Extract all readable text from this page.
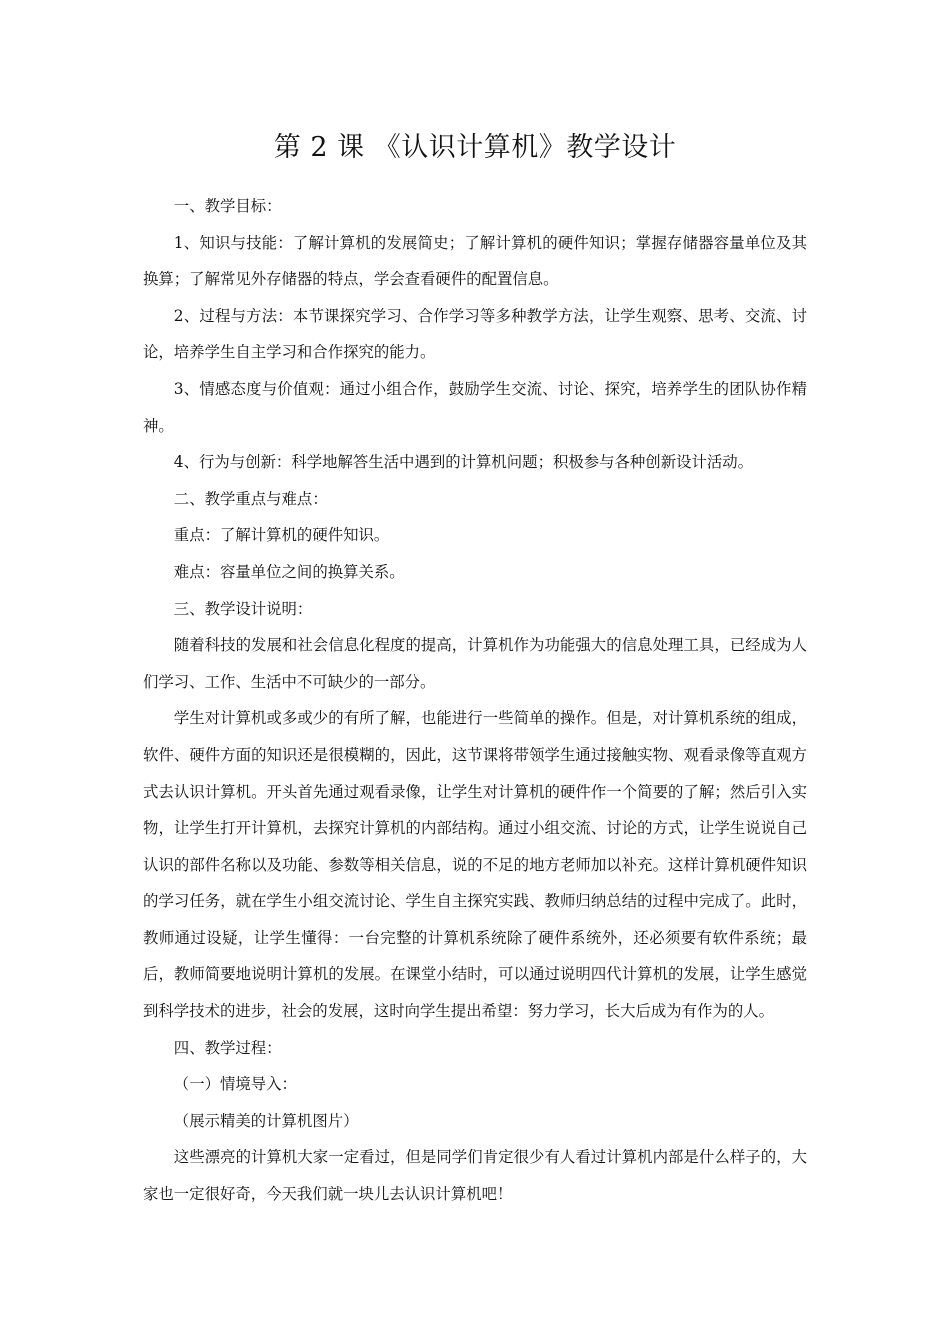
第 2 课 《认识计算机》教学设计

一、教学目标：

1、知识与技能：了解计算机的发展简史；了解计算机的硬件知识；掌握存储器容量单位及其换算；了解常见外存储器的特点，学会查看硬件的配置信息。

2、过程与方法：本节课探究学习、合作学习等多种教学方法，让学生观察、思考、交流、讨论，培养学生自主学习和合作探究的能力。

3、情感态度与价值观：通过小组合作，鼓励学生交流、讨论、探究，培养学生的团队协作精神。

4、行为与创新：科学地解答生活中遇到的计算机问题；积极参与各种创新设计活动。

二、教学重点与难点：

重点：了解计算机的硬件知识。

难点：容量单位之间的换算关系。

三、教学设计说明：

随着科技的发展和社会信息化程度的提高，计算机作为功能强大的信息处理工具，已经成为人们学习、工作、生活中不可缺少的一部分。

学生对计算机或多或少的有所了解，也能进行一些简单的操作。但是，对计算机系统的组成，软件、硬件方面的知识还是很模糊的，因此，这节课将带领学生通过接触实物、观看录像等直观方式去认识计算机。开头首先通过观看录像，让学生对计算机的硬件作一个简要的了解；然后引入实物，让学生打开计算机，去探究计算机的内部结构。通过小组交流、讨论的方式，让学生说说自己认识的部件名称以及功能、参数等相关信息，说的不足的地方老师加以补充。这样计算机硬件知识的学习任务，就在学生小组交流讨论、学生自主探究实践、教师归纳总结的过程中完成了。此时，教师通过设疑，让学生懂得：一台完整的计算机系统除了硬件系统外，还必须要有软件系统；最后，教师简要地说明计算机的发展。在课堂小结时，可以通过说明四代计算机的发展，让学生感觉到科学技术的进步，社会的发展，这时向学生提出希望：努力学习，长大后成为有作为的人。

四、教学过程：

（一）情境导入：

（展示精美的计算机图片）

这些漂亮的计算机大家一定看过，但是同学们肯定很少有人看过计算机内部是什么样子的，大家也一定很好奇，今天我们就一块儿去认识计算机吧！
